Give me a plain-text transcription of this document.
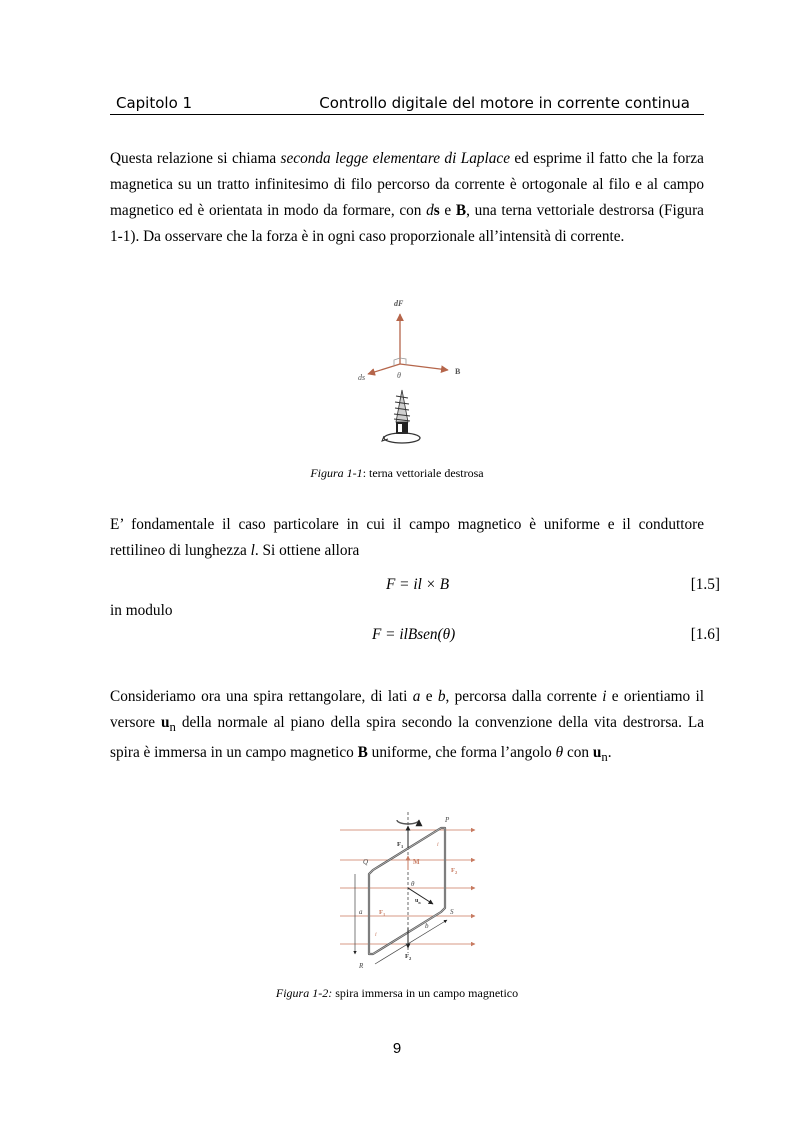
Capitolo 1	Controllo digitale del motore in corrente continua

Questa relazione si chiama seconda legge elementare di Laplace ed esprime il fatto che la forza magnetica su un tratto infinitesimo di filo percorso da corrente è ortogonale al filo e al campo magnetico ed è orientata in modo da formare, con ds e B, una terna vettoriale destrorsa (Figura 1-1). Da osservare che la forza è in ogni caso proporzionale all’intensità di corrente.

dF
B
ds	θ
Figura 1-1: terna vettoriale destrosa

E’ fondamentale il caso particolare in cui il campo magnetico è uniforme e il conduttore rettilineo di lunghezza l. Si ottiene allora

F = il × B	[1.5]
in modulo
F = ilBsen(θ)	[1.6]

Consideriamo ora una spira rettangolare, di lati a e b, percorsa dalla corrente i e orientiamo il versore $u_n$ della normale al piano della spira secondo la convenzione della vita destrorsa. La spira è immersa in un campo magnetico B uniforme, che forma l’angolo θ con $u_n$.

P
Q
R
S
$F_1$
$F_1$
$F_2$
$F_2$
M
θ
$u_n$
a
b
i
i
Figura 1-2: spira immersa in un campo magnetico
9
